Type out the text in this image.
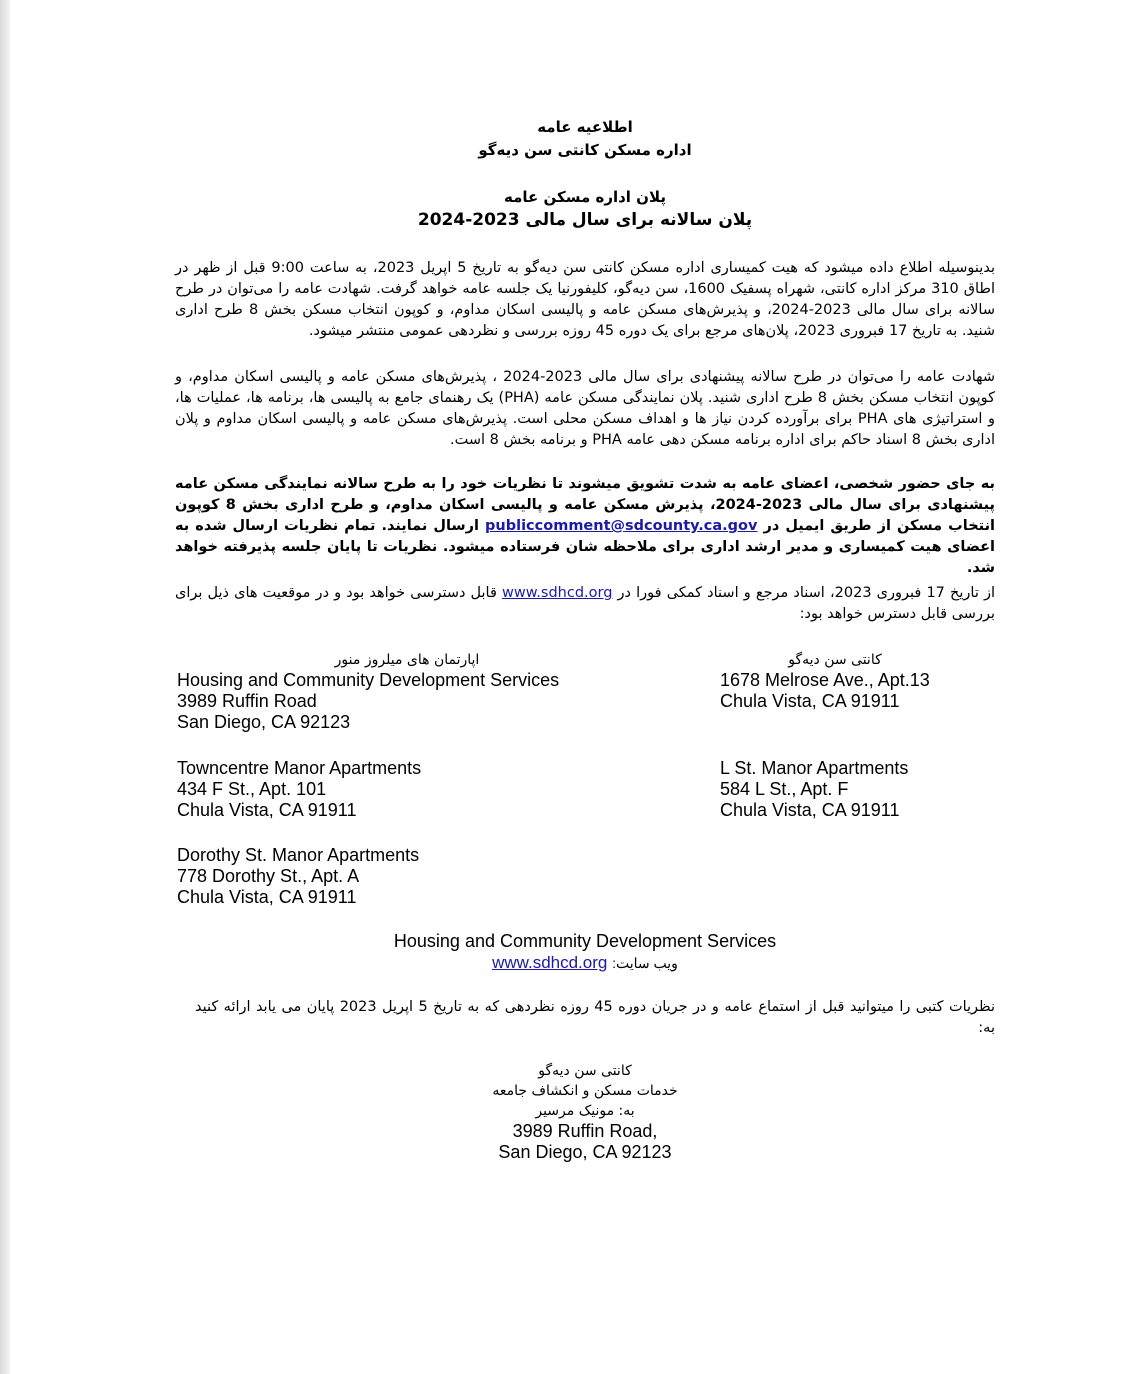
اطلاعیه عامه
اداره مسکن کانتی سن دیه‌گو
پلان اداره مسکن عامه
پلان سالانه برای سال مالی 2023-2024
بدینوسیله اطلاع داده میشود که هیت کمیساری اداره مسکن کانتی سن دیه‌گو به تاریخ 5 اپریل 2023، به ساعت 9:00 قبل از ظهر در اطاق 310 مرکز اداره کانتی، شهراه پسفیک 1600، سن دیه‌گو، کلیفورنیا یک جلسه عامه خواهد گرفت. شهادت عامه را می‌توان در طرح سالانه برای سال مالی 2023-2024، و پذیرش‌های مسکن عامه و پالیسی اسکان مداوم، و کوپون انتخاب مسکن بخش 8 طرح اداری شنید. به تاریخ 17 فبروری 2023، پلان‌های مرجع برای یک دوره 45 روزه بررسی و نظردهی عمومی منتشر میشود.
شهادت عامه را می‌توان در طرح سالانه پیشنهادی برای سال مالی 2023-2024 ، پذیرش‌های مسکن عامه و پالیسی اسکان مداوم، و کوپون انتخاب مسکن بخش 8 طرح اداری شنید. پلان نمایندگی مسکن عامه (PHA) یک رهنمای جامع به پالیسی ها، برنامه ها، عملیات ها، و استراتیژی های PHA برای برآورده کردن نیاز ها و اهداف مسکن محلی است. پذیرش‌های مسکن عامه و پالیسی اسکان مداوم و پلان اداری بخش 8 اسناد حاکم برای اداره برنامه مسکن دهی عامه PHA و برنامه بخش 8 است.
به جای حضور شخصی، اعضای عامه به شدت تشویق میشوند تا نظریات خود را به طرح سالانه نمایندگی مسکن عامه پیشنهادی برای سال مالی 2023-2024، پذیرش مسکن عامه و پالیسی اسکان مداوم، و طرح اداری بخش 8 کوپون انتخاب مسکن از طریق ایمیل در publiccomment@sdcounty.ca.gov ارسال نمایند. تمام نظریات ارسال شده به اعضای هیت کمیساری و مدیر ارشد اداری برای ملاحظه شان فرستاده میشود. نظریات تا پایان جلسه پذیرفته خواهد شد.
از تاریخ 17 فبروری 2023، اسناد مرجع و اسناد کمکی فورا در www.sdhcd.org قابل دسترسی خواهد بود و در موقعیت های ذیل برای بررسی قابل دسترس خواهد بود:
اپارتمان های میلروز منور
Housing and Community Development Services
3989 Ruffin Road
San Diego, CA 92123
کانتی سن دیه‌گو
1678 Melrose Ave., Apt.13
Chula Vista, CA 91911
Towncentre Manor Apartments
434 F St., Apt. 101
Chula Vista, CA 91911
L St. Manor Apartments
584 L St., Apt. F
Chula Vista, CA 91911
Dorothy St. Manor Apartments
778 Dorothy St., Apt. A
Chula Vista, CA 91911
Housing and Community Development Services
ویب سایت: www.sdhcd.org
نظریات کتبی را میتوانید قبل از استماع عامه و در جریان دوره 45 روزه نظردهی که به تاریخ 5 اپریل 2023 پایان می یابد ارائه کنید به:
کانتی سن دیه‌گو
خدمات مسکن و انکشاف جامعه
به: مونیک مرسیر
3989 Ruffin Road,
San Diego, CA 92123
